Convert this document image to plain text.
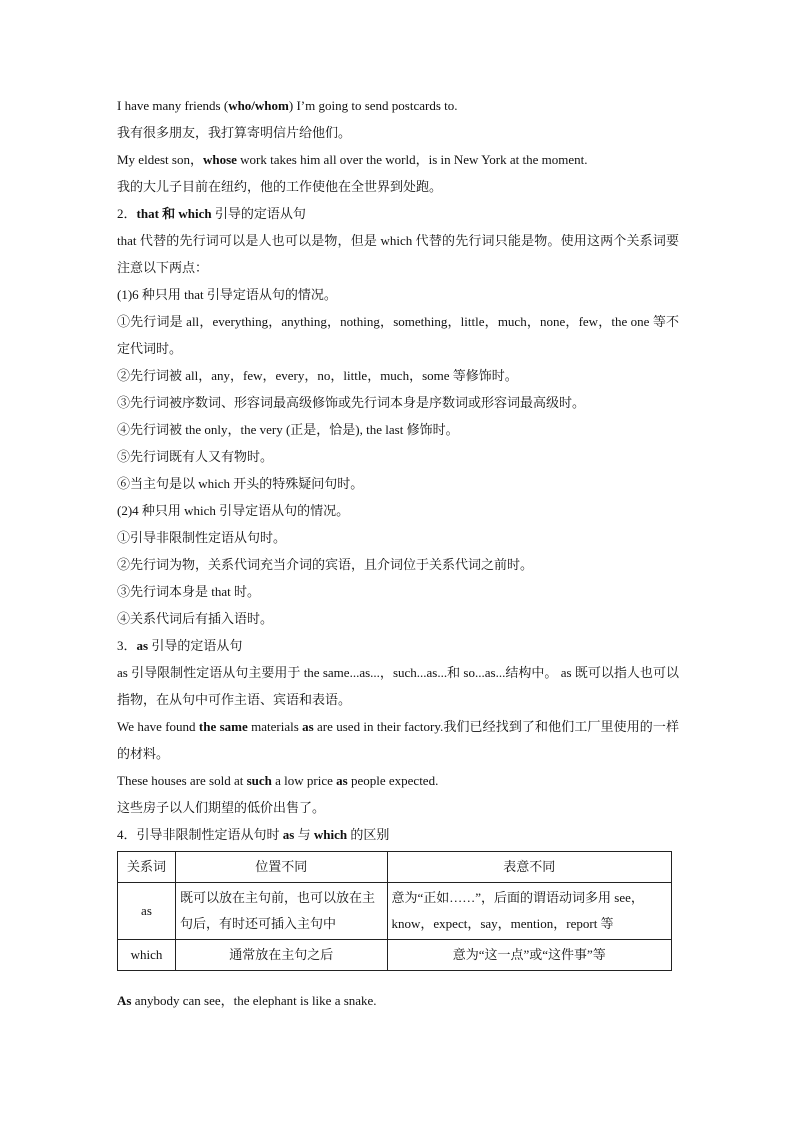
I have many friends (who/whom) I’m going to send postcards to.
我有很多朋友，我打算寄明信片给他们。
My eldest son，whose work takes him all over the world，is in New York at the moment.
我的大儿子目前在纽约，他的工作使他在全世界到处跑。
2．that 和 which 引导的定语从句
that 代替的先行词可以是人也可以是物，但是 which 代替的先行词只能是物。使用这两个关系词要注意以下两点：
(1)6 种只用 that 引导定语从句的情况。
①先行词是 all，everything，anything，nothing，something，little，much，none，few，the one 等不定代词时。
②先行词被 all，any，few，every，no，little，much，some 等修饰时。
③先行词被序数词、形容词最高级修饰或先行词本身是序数词或形容词最高级时。
④先行词被 the only，the very (正是，恰是), the last 修饰时。
⑤先行词既有人又有物时。
⑥当主句是以 which 开头的特殊疑问句时。
(2)4 种只用 which 引导定语从句的情况。
①引导非限制性定语从句时。
②先行词为物，关系代词充当介词的宾语，且介词位于关系代词之前时。
③先行词本身是 that 时。
④关系代词后有插入语时。
3．as 引导的定语从句
as 引导限制性定语从句主要用于 the same...as...，such...as...和 so...as...结构中。 as 既可以指人也可以指物，在从句中可作主语、宾语和表语。
We have found the same materials as are used in their factory.我们已经找到了和他们工厂里使用的一样的材料。
These houses are sold at such a low price as people expected.
这些房子以人们期望的低价出售了。
4．引导非限制性定语从句时 as 与 which 的区别
关系词	位置不同	表意不同
as	既可以放在主句前，也可以放在主句后，有时还可插入主句中	意为“正如……”，后面的谓语动词多用 see，know，expect，say，mention，report 等
which	通常放在主句之后	意为“这一点”或“这件事”等
As anybody can see，the elephant is like a snake.
